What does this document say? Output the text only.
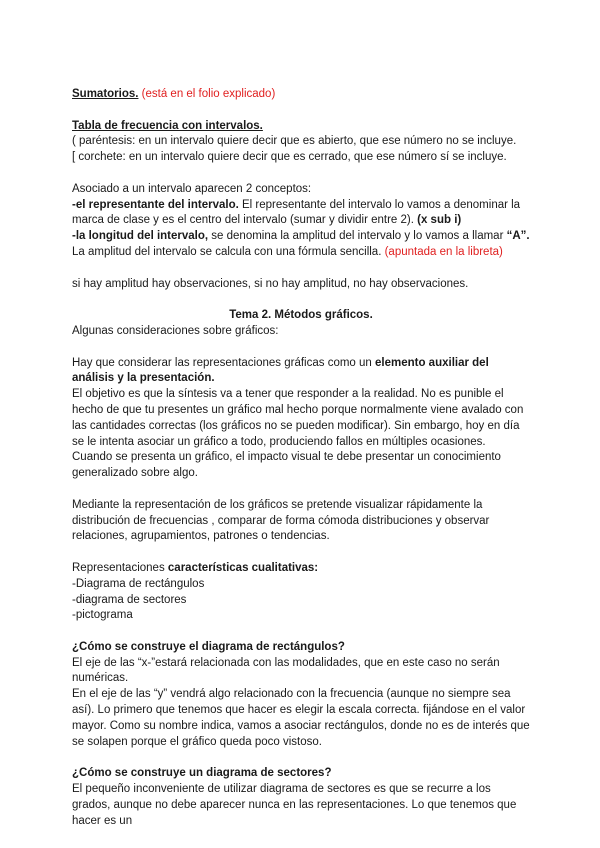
Sumatorios. (está en el folio explicado)

Tabla de frecuencia con intervalos.

( paréntesis: en un intervalo quiere decir que es abierto, que ese número no se incluye.

[ corchete: en un intervalo quiere decir que es cerrado, que ese número sí se incluye.

Asociado a un intervalo aparecen 2 conceptos:

-el representante del intervalo. El representante del intervalo lo vamos a denominar la marca de clase y es el centro del intervalo (sumar y dividir entre 2). (x sub i)

-la longitud del intervalo, se denomina la amplitud del intervalo y lo vamos a llamar “A”.

La amplitud del intervalo se calcula con una fórmula sencilla. (apuntada en la libreta)

si hay amplitud hay observaciones, si no hay amplitud, no hay observaciones.

Tema 2. Métodos gráficos.

Algunas consideraciones sobre gráficos:

Hay que considerar las representaciones gráficas como un elemento auxiliar del análisis y la presentación.

El objetivo es que la síntesis va a tener que responder a la realidad. No es punible el hecho de que tu presentes un gráfico mal hecho porque normalmente viene avalado con las cantidades correctas (los gráficos no se pueden modificar). Sin embargo, hoy en día se le intenta asociar un gráfico a todo, produciendo fallos en múltiples ocasiones.

Cuando se presenta un gráfico, el impacto visual te debe presentar un conocimiento generalizado sobre algo.

Mediante la representación de los gráficos se pretende visualizar rápidamente la distribución de frecuencias , comparar de forma cómoda distribuciones y observar relaciones, agrupamientos, patrones o tendencias.

Representaciones características cualitativas:

-Diagrama de rectángulos

-diagrama de sectores

-pictograma

¿Cómo se construye el diagrama de rectángulos?

El eje de las “x-”estará relacionada con las modalidades, que en este caso no serán numéricas.

En el eje de las “y” vendrá algo relacionado con la frecuencia (aunque no siempre sea así). Lo primero que tenemos que hacer es elegir la escala correcta. fijándose en el valor mayor. Como su nombre indica, vamos a asociar rectángulos, donde no es de interés que se solapen porque el gráfico queda poco vistoso.

¿Cómo se construye un diagrama de sectores?

El pequeño inconveniente de utilizar diagrama de sectores es que se recurre a los grados, aunque no debe aparecer nunca en las representaciones. Lo que tenemos que hacer es un
